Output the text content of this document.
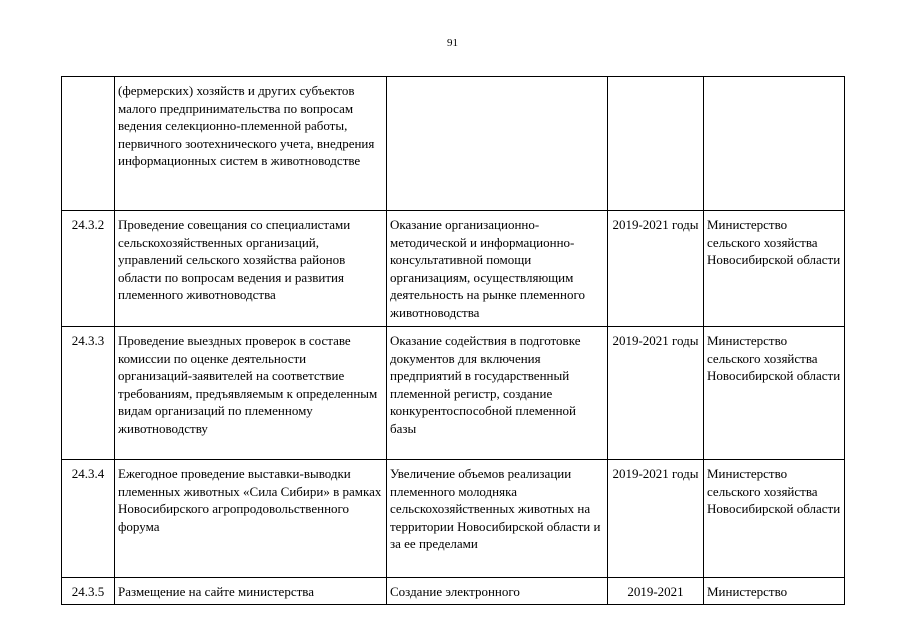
91
	(фермерских) хозяйств и других субъектов малого предпринимательства по вопросам ведения селекционно-племенной работы, первичного зоотехнического учета, внедрения информационных систем в животноводстве			
24.3.2	Проведение совещания со специалистами сельскохозяйственных организаций, управлений сельского хозяйства районов области по вопросам ведения и развития племенного животноводства	Оказание организационно-методической и информационно-консультативной помощи организациям, осуществляющим деятельность на рынке племенного животноводства	2019-2021 годы	Министерство сельского хозяйства Новосибирской области
24.3.3	Проведение выездных проверок в составе комиссии по оценке деятельности организаций-заявителей на соответствие требованиям, предъявляемым к определенным видам организаций по племенному животноводству	Оказание содействия в подготовке документов для включения предприятий в государственный племенной регистр, создание конкурентоспособной племенной базы	2019-2021 годы	Министерство сельского хозяйства Новосибирской области
24.3.4	Ежегодное проведение выставки-выводки племенных животных «Сила Сибири» в рамках Новосибирского агропродовольственного форума	Увеличение объемов реализации племенного молодняка сельскохозяйственных животных на территории Новосибирской области и за ее пределами	2019-2021 годы	Министерство сельского хозяйства Новосибирской области
24.3.5	Размещение на сайте министерства	Создание электронного	2019-2021	Министерство
